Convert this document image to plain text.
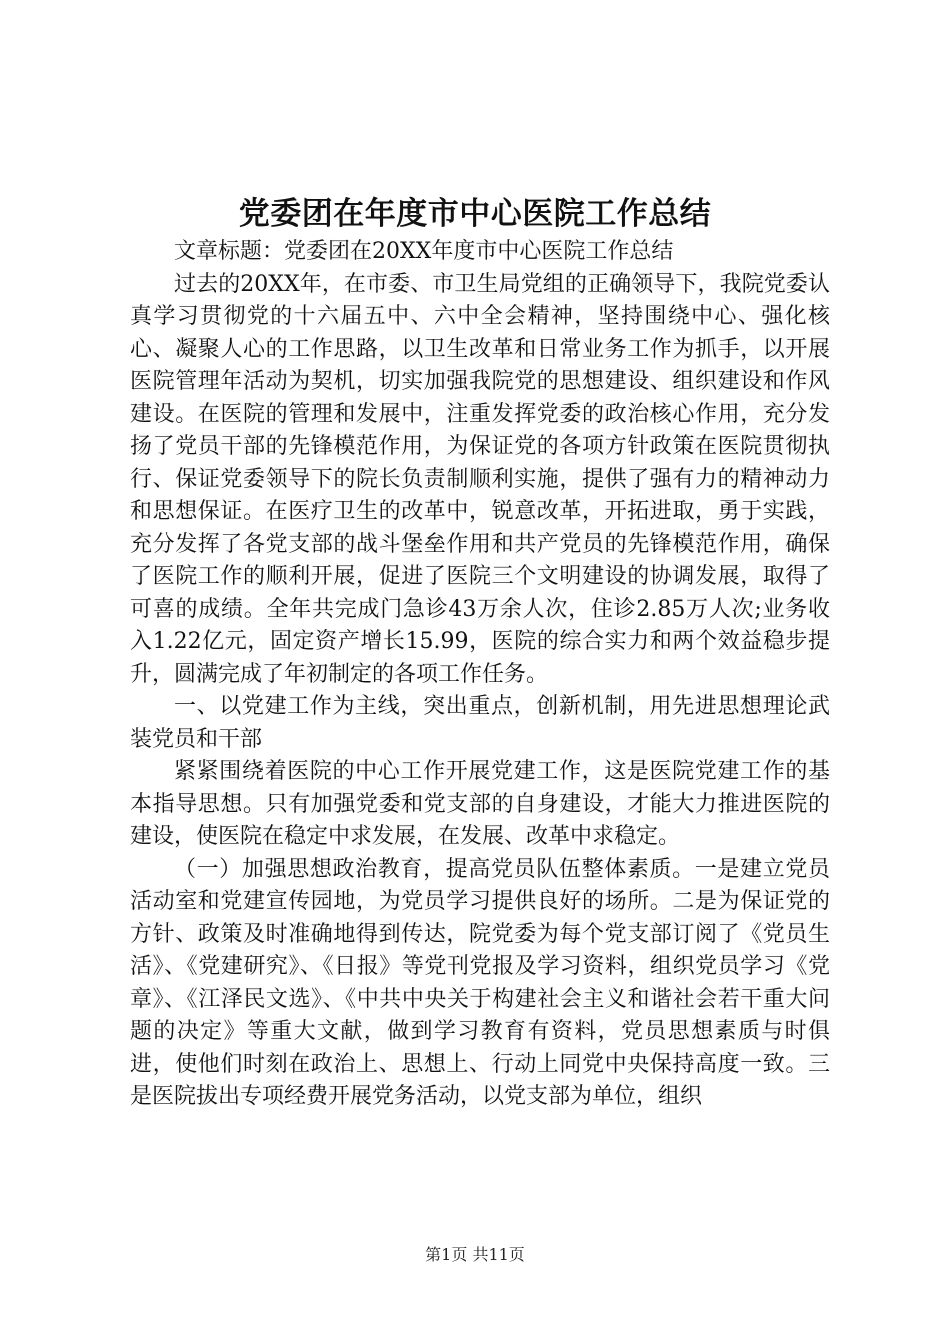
党委团在年度市中心医院工作总结

文章标题：党委团在20XX年度市中心医院工作总结

过去的20XX年，在市委、市卫生局党组的正确领导下，我院党委认真学习贯彻党的十六届五中、六中全会精神，坚持围绕中心、强化核心、凝聚人心的工作思路，以卫生改革和日常业务工作为抓手，以开展医院管理年活动为契机，切实加强我院党的思想建设、组织建设和作风建设。在医院的管理和发展中，注重发挥党委的政治核心作用，充分发扬了党员干部的先锋模范作用，为保证党的各项方针政策在医院贯彻执行、保证党委领导下的院长负责制顺利实施，提供了强有力的精神动力和思想保证。在医疗卫生的改革中，锐意改革，开拓进取，勇于实践，充分发挥了各党支部的战斗堡垒作用和共产党员的先锋模范作用，确保了医院工作的顺利开展，促进了医院三个文明建设的协调发展，取得了可喜的成绩。全年共完成门急诊43万余人次，住诊2.85万人次;业务收入1.22亿元，固定资产增长15.99，医院的综合实力和两个效益稳步提升，圆满完成了年初制定的各项工作任务。

一、以党建工作为主线，突出重点，创新机制，用先进思想理论武装党员和干部

紧紧围绕着医院的中心工作开展党建工作，这是医院党建工作的基本指导思想。只有加强党委和党支部的自身建设，才能大力推进医院的建设，使医院在稳定中求发展，在发展、改革中求稳定。

（一）加强思想政治教育，提高党员队伍整体素质。一是建立党员活动室和党建宣传园地，为党员学习提供良好的场所。二是为保证党的方针、政策及时准确地得到传达，院党委为每个党支部订阅了《党员生活》、《党建研究》、《日报》等党刊党报及学习资料，组织党员学习《党章》、《江泽民文选》、《中共中央关于构建社会主义和谐社会若干重大问题的决定》等重大文献，做到学习教育有资料，党员思想素质与时俱进，使他们时刻在政治上、思想上、行动上同党中央保持高度一致。三是医院拔出专项经费开展党务活动，以党支部为单位，组织

第1页 共11页
